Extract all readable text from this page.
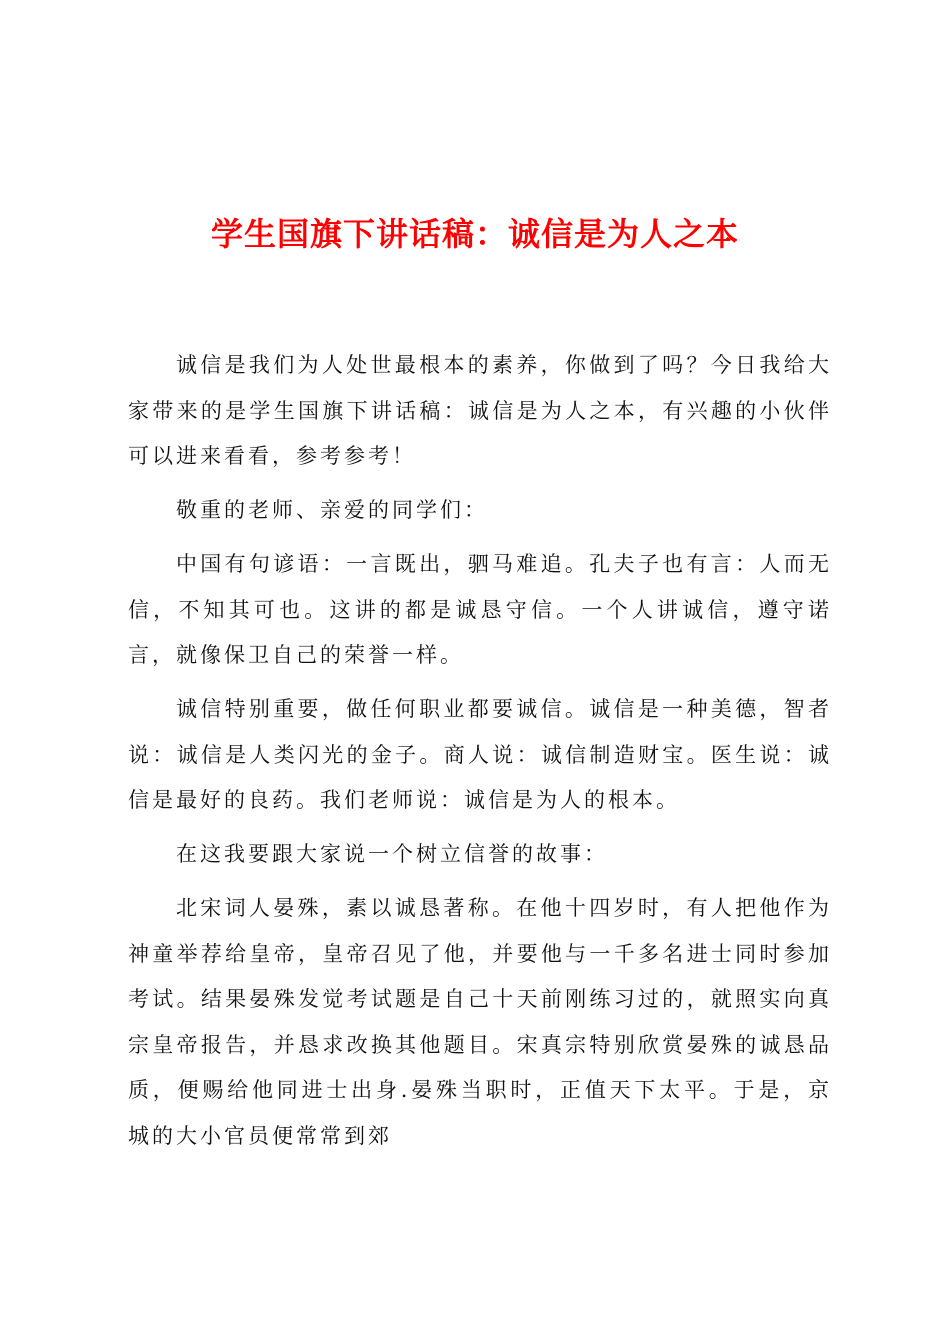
学生国旗下讲话稿：诚信是为人之本

诚信是我们为人处世最根本的素养，你做到了吗？今日我给大家带来的是学生国旗下讲话稿：诚信是为人之本，有兴趣的小伙伴可以进来看看，参考参考！

敬重的老师、亲爱的同学们：

中国有句谚语：一言既出，驷马难追。孔夫子也有言：人而无信，不知其可也。这讲的都是诚恳守信。一个人讲诚信，遵守诺言，就像保卫自己的荣誉一样。

诚信特别重要，做任何职业都要诚信。诚信是一种美德，智者说：诚信是人类闪光的金子。商人说：诚信制造财宝。医生说：诚信是最好的良药。我们老师说：诚信是为人的根本。

在这我要跟大家说一个树立信誉的故事：

北宋词人晏殊，素以诚恳著称。在他十四岁时，有人把他作为神童举荐给皇帝，皇帝召见了他，并要他与一千多名进士同时参加考试。结果晏殊发觉考试题是自己十天前刚练习过的，就照实向真宗皇帝报告，并恳求改换其他题目。宋真宗特别欣赏晏殊的诚恳品质，便赐给他同进士出身.晏殊当职时，正值天下太平。于是，京城的大小官员便常常到郊
